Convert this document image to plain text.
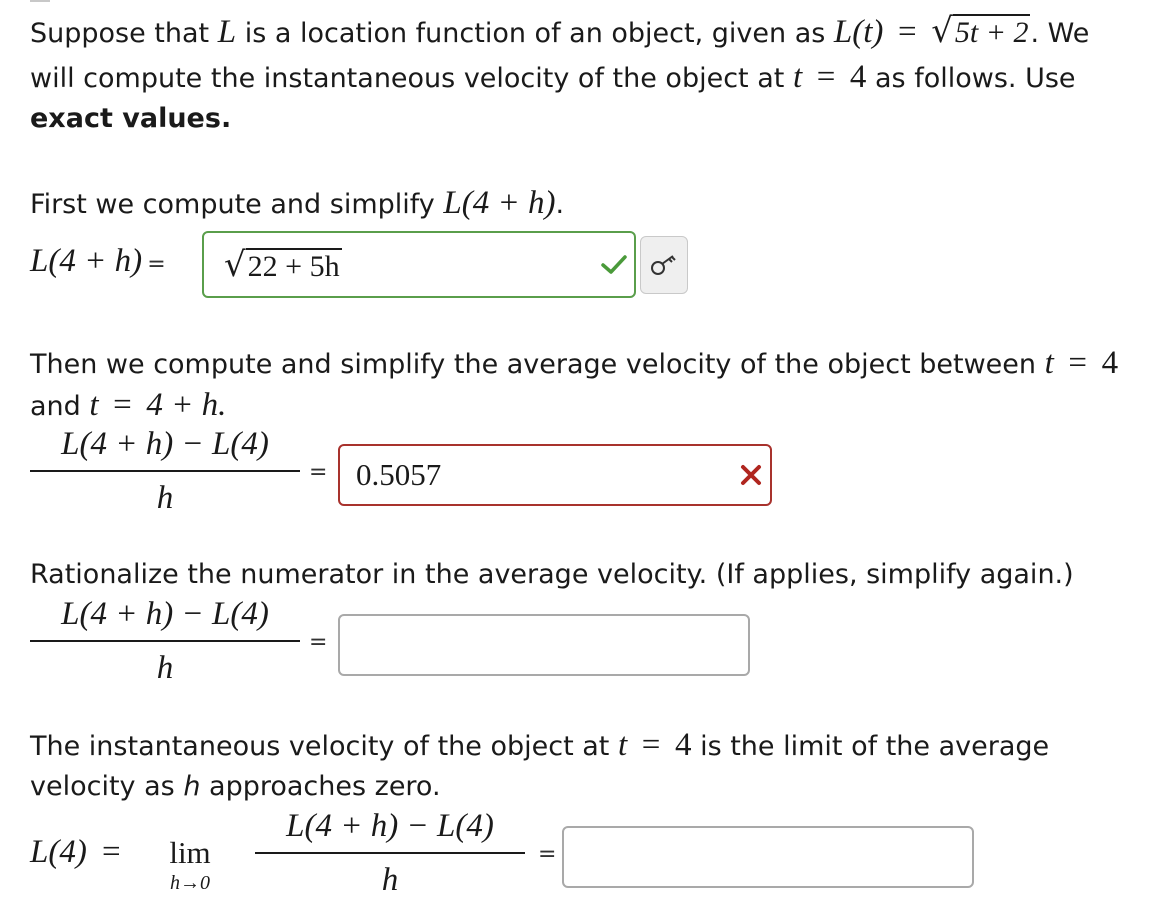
Suppose that L is a location function of an object, given as L(t) = √ 5t + 2 . We
will compute the instantaneous velocity of the object at t = 4 as follows. Use
exact values.
First we compute and simplify L(4 + h).
L(4 + h) = √ 22 + 5h
Then we compute and simplify the average velocity of the object between t = 4
and t = 4 + h.
L(4 + h) − L(4)
h
= 0.5057
Rationalize the numerator in the average velocity. (If applies, simplify again.)
L(4 + h) − L(4)
h
=
The instantaneous velocity of the object at t = 4 is the limit of the average
velocity as h approaches zero.
L(4) =	lim
h→0
L(4 + h) − L(4)
h
=
